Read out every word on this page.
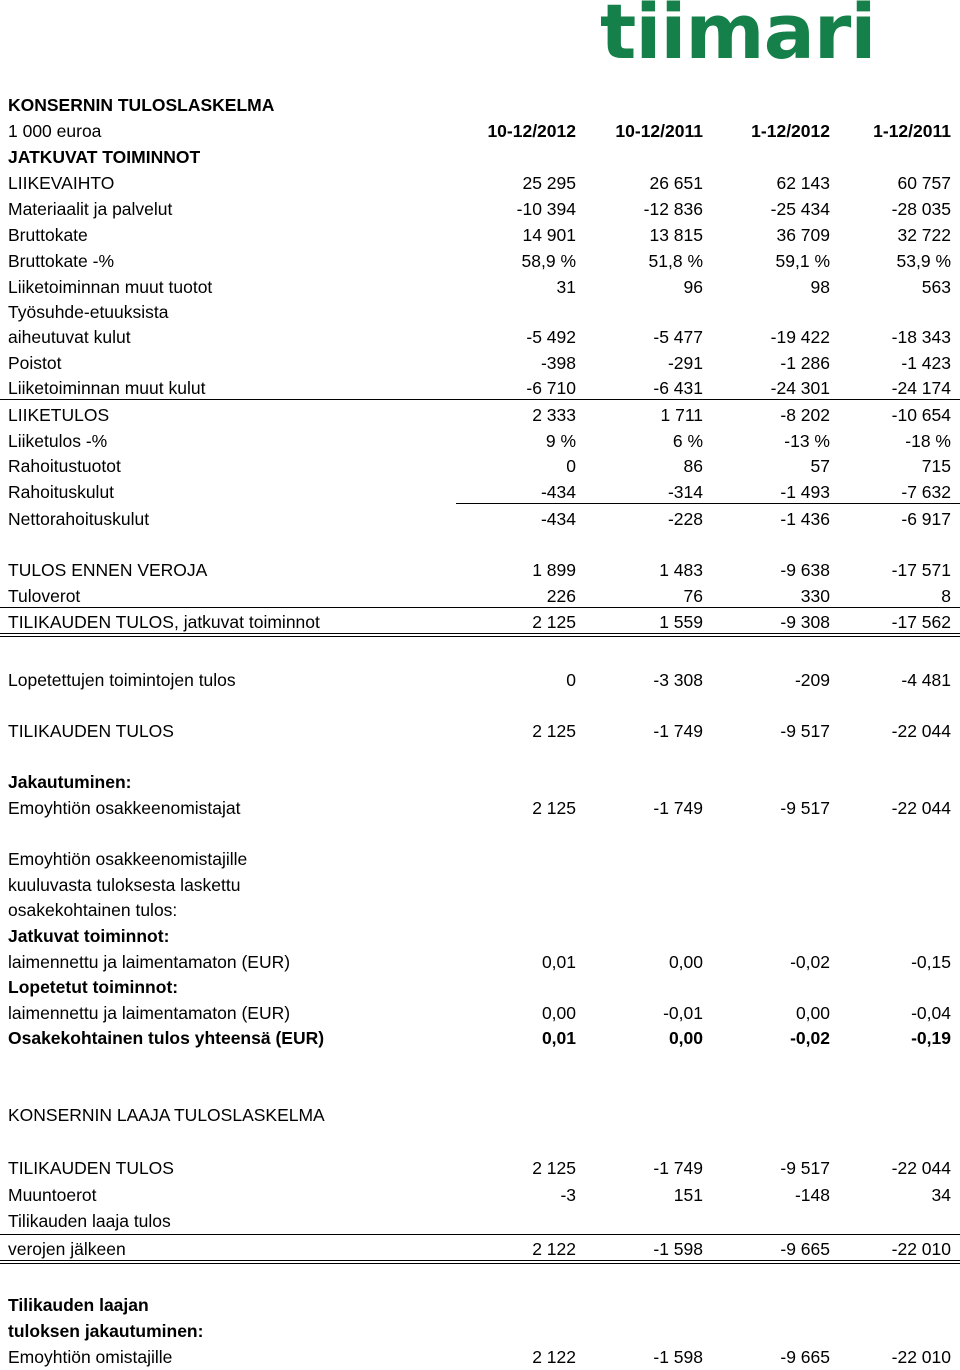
tiimari
KONSERNIN TULOSLASKELMA
1 000 euroa	10-12/2012	10-12/2011	1-12/2012	1-12/2011
JATKUVAT TOIMINNOT
LIIKEVAIHTO	25 295	26 651	62 143	60 757
Materiaalit ja palvelut	-10 394	-12 836	-25 434	-28 035
Bruttokate	14 901	13 815	36 709	32 722
Bruttokate -%	58,9 %	51,8 %	59,1 %	53,9 %
Liiketoiminnan muut tuotot	31	96	98	563
Työsuhde-etuuksista
aiheutuvat kulut	-5 492	-5 477	-19 422	-18 343
Poistot	-398	-291	-1 286	-1 423
Liiketoiminnan muut kulut	-6 710	-6 431	-24 301	-24 174
LIIKETULOS	2 333	1 711	-8 202	-10 654
Liiketulos -%	9 %	6 %	-13 %	-18 %
Rahoitustuotot	0	86	57	715
Rahoituskulut	-434	-314	-1 493	-7 632
Nettorahoituskulut	-434	-228	-1 436	-6 917
TULOS ENNEN VEROJA	1 899	1 483	-9 638	-17 571
Tuloverot	226	76	330	8
TILIKAUDEN TULOS, jatkuvat toiminnot	2 125	1 559	-9 308	-17 562
Lopetettujen toimintojen tulos	0	-3 308	-209	-4 481
TILIKAUDEN TULOS	2 125	-1 749	-9 517	-22 044
Jakautuminen:
Emoyhtiön osakkeenomistajat	2 125	-1 749	-9 517	-22 044
Emoyhtiön osakkeenomistajille
kuuluvasta tuloksesta laskettu
osakekohtainen tulos:
Jatkuvat toiminnot:
laimennettu ja laimentamaton (EUR)	0,01	0,00	-0,02	-0,15
Lopetetut toiminnot:
laimennettu ja laimentamaton (EUR)	0,00	-0,01	0,00	-0,04
Osakekohtainen tulos yhteensä (EUR)	0,01	0,00	-0,02	-0,19
KONSERNIN LAAJA TULOSLASKELMA
TILIKAUDEN TULOS	2 125	-1 749	-9 517	-22 044
Muuntoerot	-3	151	-148	34
Tilikauden laaja tulos
verojen jälkeen	2 122	-1 598	-9 665	-22 010
Tilikauden laajan
tuloksen jakautuminen:
Emoyhtiön omistajille	2 122	-1 598	-9 665	-22 010
